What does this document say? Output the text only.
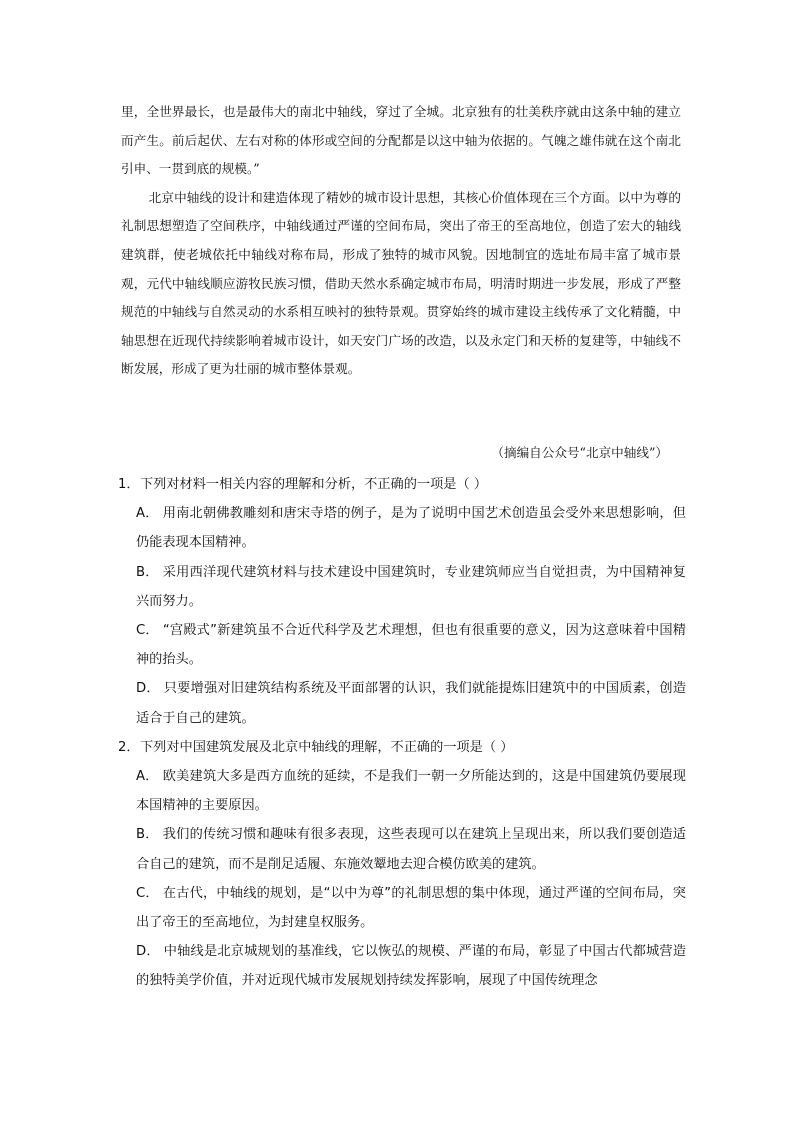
里，全世界最长，也是最伟大的南北中轴线，穿过了全城。北京独有的壮美秩序就由这条中轴的建立而产生。前后起伏、左右对称的体形或空间的分配都是以这中轴为依据的。气魄之雄伟就在这个南北引申、一贯到底的规模。”

北京中轴线的设计和建造体现了精妙的城市设计思想，其核心价值体现在三个方面。以中为尊的礼制思想塑造了空间秩序，中轴线通过严谨的空间布局，突出了帝王的至高地位，创造了宏大的轴线建筑群，使老城依托中轴线对称布局，形成了独特的城市风貌。因地制宜的选址布局丰富了城市景观，元代中轴线顺应游牧民族习惯，借助天然水系确定城市布局，明清时期进一步发展，形成了严整规范的中轴线与自然灵动的水系相互映衬的独特景观。贯穿始终的城市建设主线传承了文化精髓，中轴思想在近现代持续影响着城市设计，如天安门广场的改造，以及永定门和天桥的复建等，中轴线不断发展，形成了更为壮丽的城市整体景观。

（摘编自公众号“北京中轴线”）

1．下列对材料一相关内容的理解和分析，不正确的一项是（ ）

A． 用南北朝佛教雕刻和唐宋寺塔的例子，是为了说明中国艺术创造虽会受外来思想影响，但仍能表现本国精神。

B． 采用西洋现代建筑材料与技术建设中国建筑时，专业建筑师应当自觉担责，为中国精神复兴而努力。

C． “宫殿式”新建筑虽不合近代科学及艺术理想，但也有很重要的意义，因为这意味着中国精神的抬头。

D． 只要增强对旧建筑结构系统及平面部署的认识，我们就能提炼旧建筑中的中国质素，创造适合于自己的建筑。

2．下列对中国建筑发展及北京中轴线的理解，不正确的一项是（ ）

A． 欧美建筑大多是西方血统的延续，不是我们一朝一夕所能达到的，这是中国建筑仍要展现本国精神的主要原因。

B． 我们的传统习惯和趣味有很多表现，这些表现可以在建筑上呈现出来，所以我们要创造适合自己的建筑，而不是削足适履、东施效颦地去迎合模仿欧美的建筑。

C． 在古代，中轴线的规划，是“以中为尊”的礼制思想的集中体现，通过严谨的空间布局，突出了帝王的至高地位，为封建皇权服务。

D． 中轴线是北京城规划的基准线，它以恢弘的规模、严谨的布局，彰显了中国古代都城营造的独特美学价值，并对近现代城市发展规划持续发挥影响，展现了中国传统理念
